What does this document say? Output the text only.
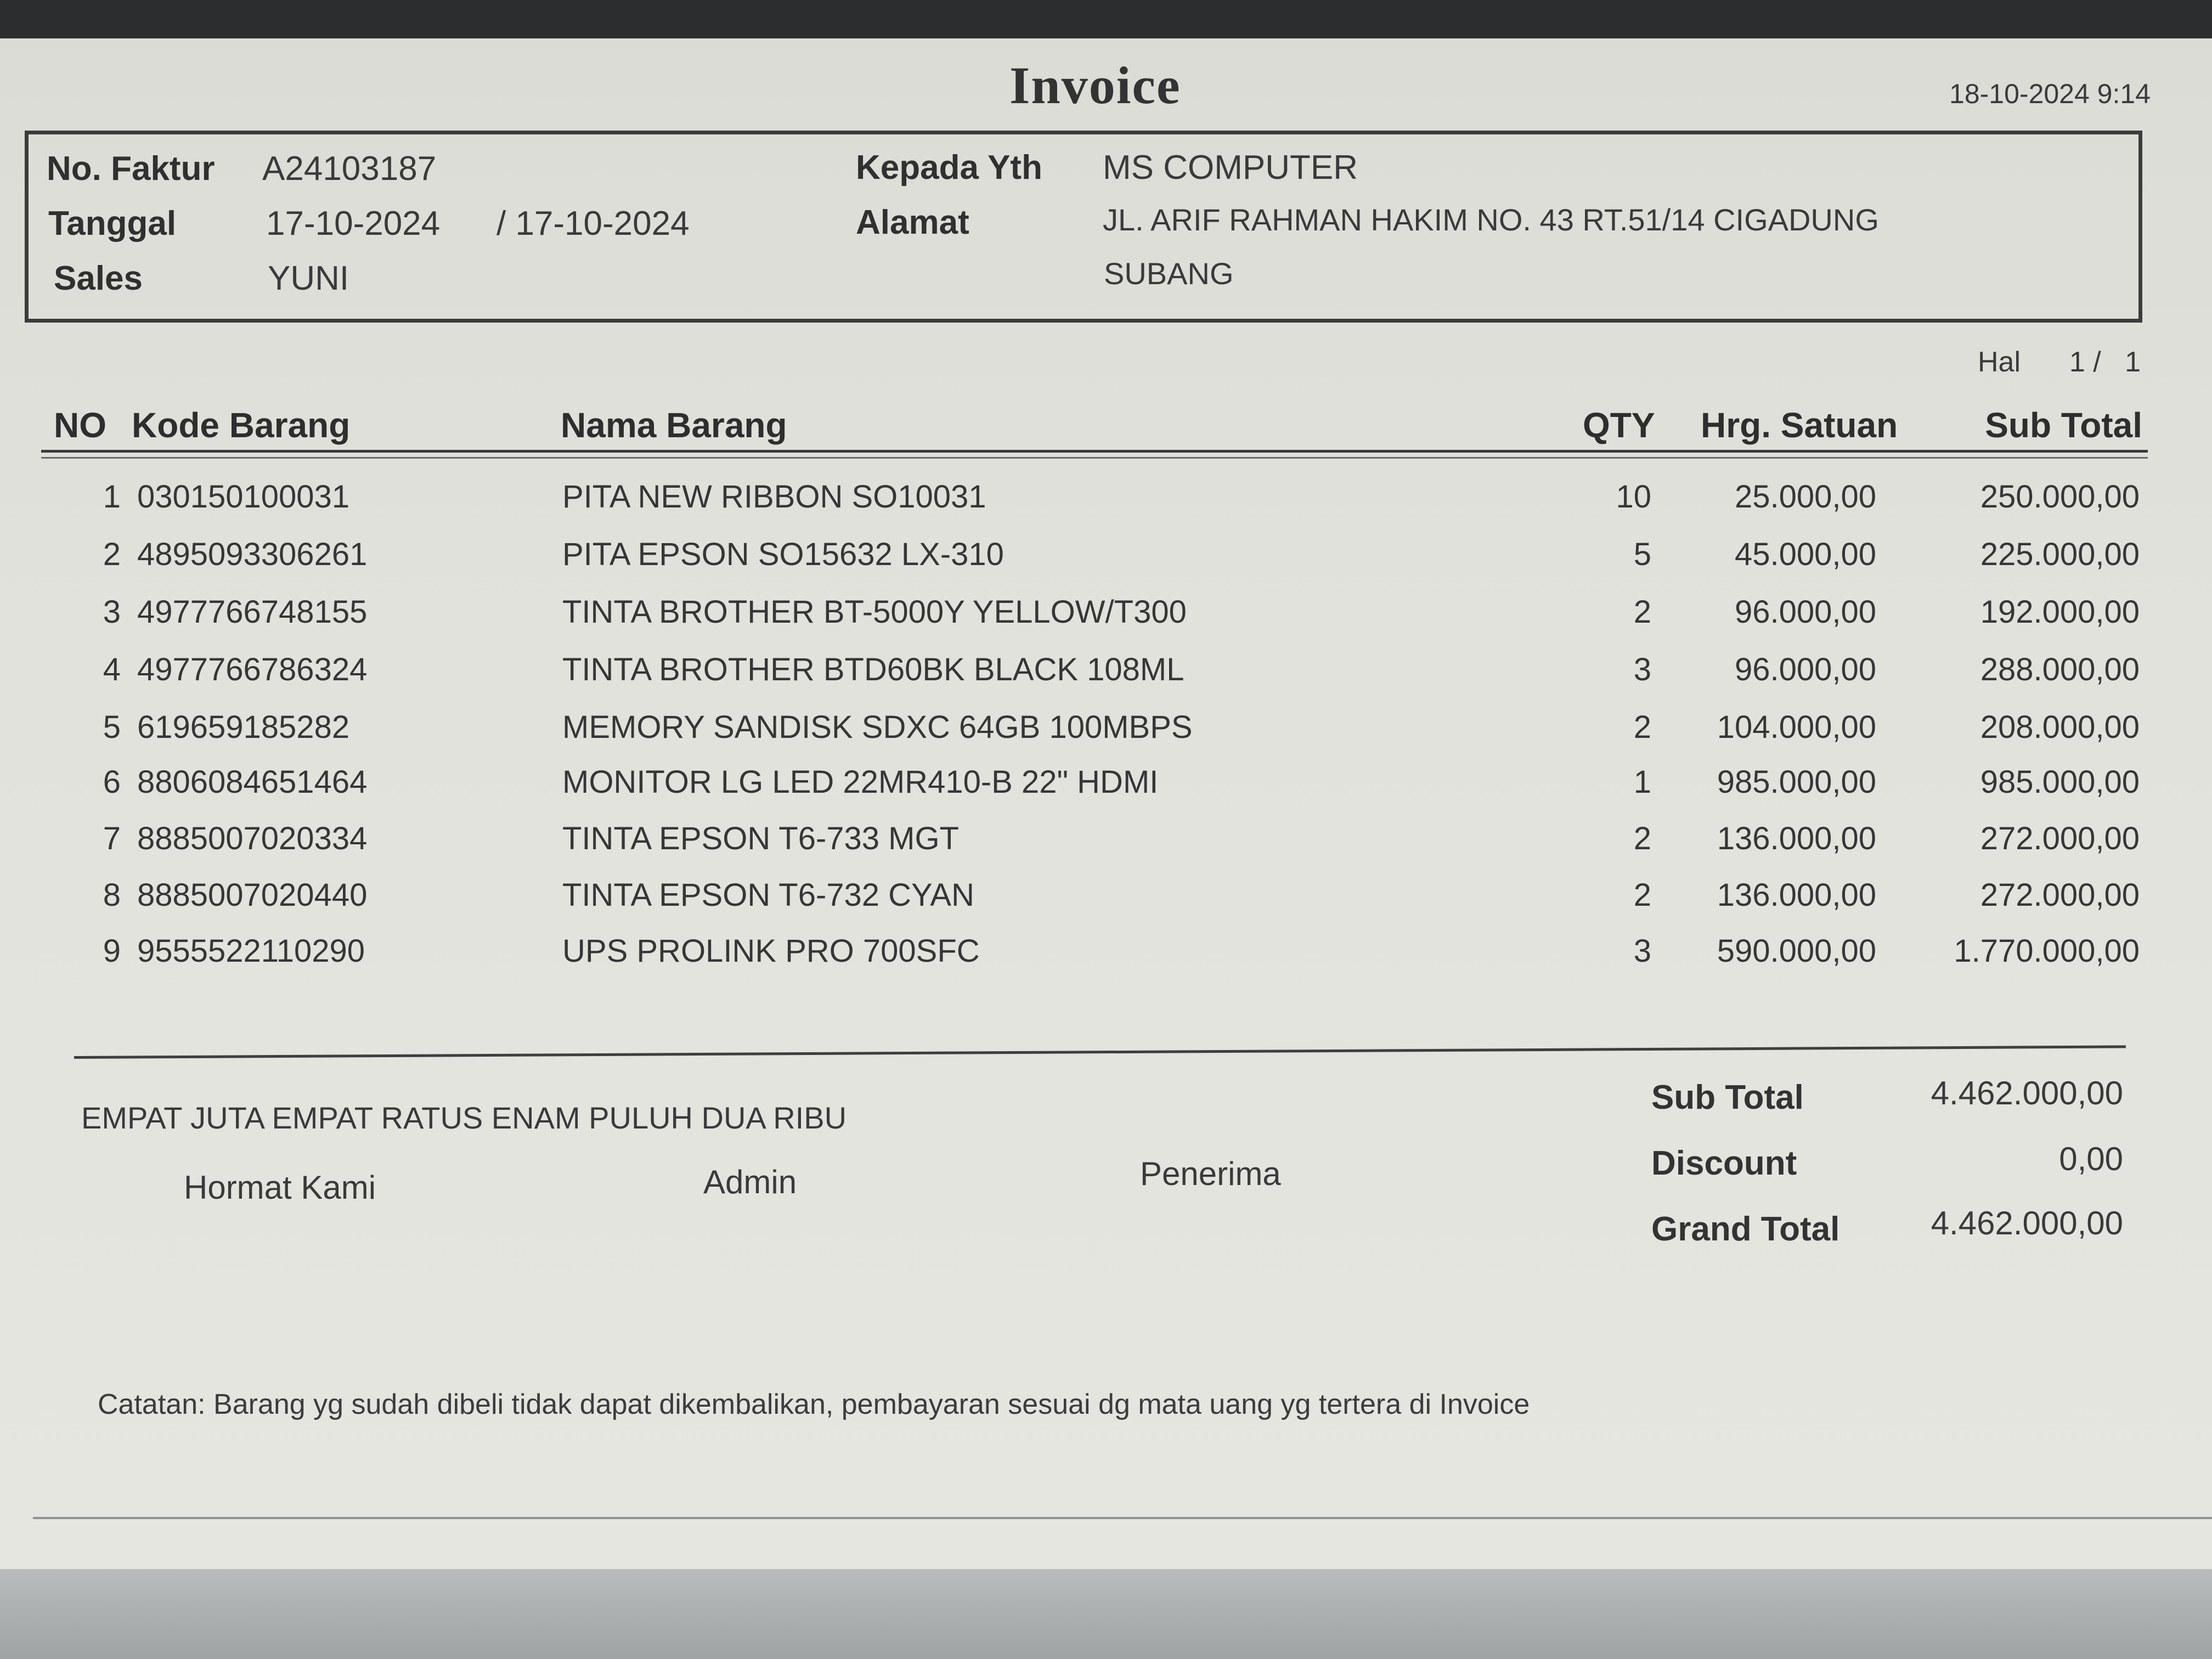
Invoice	18-10-2024 9:14
No. Faktur A24103187
Tanggal	17-10-2024 / 17-10-2024
Sales	YUNI
Kepada Yth MS COMPUTER
Alamat	JL. ARIF RAHMAN HAKIM NO. 43 RT.51/14 CIGADUNG
SUBANG
Hal 1 /   1
NO Kode Barang	Nama Barang	QTY Hrg. Satuan	Sub Total
1 030150100031	PITA NEW RIBBON SO10031	10	25.000,00	250.000,00
2 4895093306261	PITA EPSON SO15632 LX-310	5	45.000,00	225.000,00
3 4977766748155	TINTA BROTHER BT-5000Y YELLOW/T300	2	96.000,00	192.000,00
4 4977766786324	TINTA BROTHER BTD60BK BLACK 108ML	3	96.000,00	288.000,00
5 619659185282	MEMORY SANDISK SDXC 64GB 100MBPS	2	104.000,00	208.000,00
6 8806084651464	MONITOR LG LED 22MR410-B 22" HDMI	1	985.000,00	985.000,00
7 8885007020334	TINTA EPSON T6-733 MGT	2	136.000,00	272.000,00
8 8885007020440	TINTA EPSON T6-732 CYAN	2	136.000,00	272.000,00
9 9555522110290	UPS PROLINK PRO 700SFC	3	590.000,00	1.770.000,00
EMPAT JUTA EMPAT RATUS ENAM PULUH DUA RIBU
Hormat Kami	Admin	Penerima
Sub Total	4.462.000,00
Discount	0,00
Grand Total	4.462.000,00
Catatan: Barang yg sudah dibeli tidak dapat dikembalikan, pembayaran sesuai dg mata uang yg tertera di Invoice
